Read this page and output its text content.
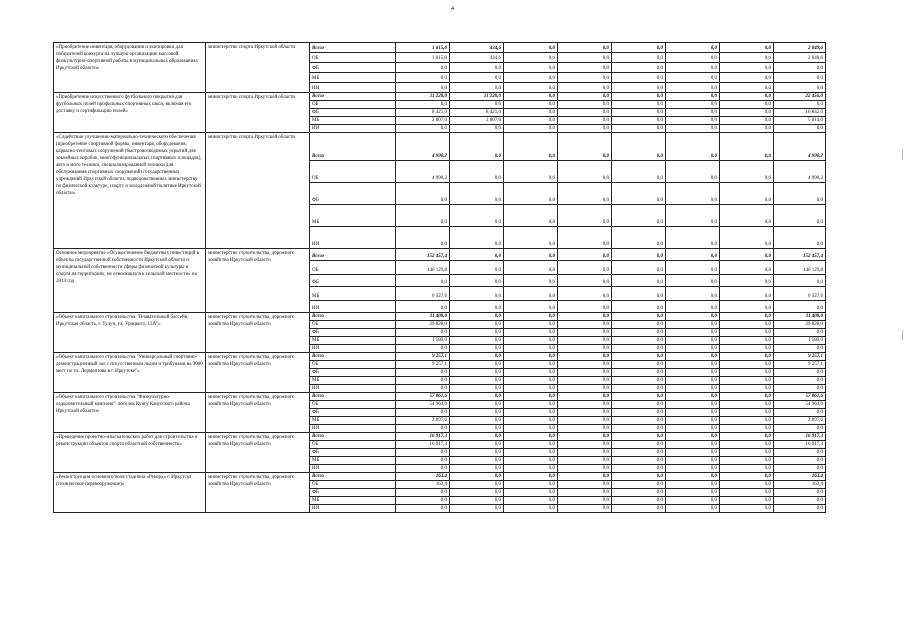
4
«Приобретение инвентаря, оборудования и экипировки для победителей конкурса на лучшую организацию массовой физкультурно-спортивной работы в муниципальных образованиях Иркутской области»	министерство спорта Иркутской области	Всего	1 615,0	434,6	0,0	0,0	0,0	0,0	0,0	2 049,6
		ОБ	1 615,0	434,6	0,0	0,0	0,0	0,0	0,0	2 049,6
		ФБ	0,0	0,0	0,0	0,0	0,0	0,0	0,0	0,0
		МБ	0,0	0,0	0,0	0,0	0,0	0,0	0,0	0,0
		ИИ	0,0	0,0	0,0	0,0	0,0	0,0	0,0	0,0
«Приобретение искусственного футбольного покрытия для футбольных полей профильных спортивных школ, включая его доставку и сертификацию полей»	министерство спорта Иркутской области	Всего	11 228,0	11 228,0	0,0	0,0	0,0	0,0	0,0	22 456,0
		ОБ	0,0	0,0	0,0	0,0	0,0	0,0	0,0	0,0
		ФБ	8 421,0	8 421,0	0,0	0,0	0,0	0,0	0,0	16 842,0
		МБ	2 807,0	2 807,0	0,0	0,0	0,0	0,0	0,0	5 614,0
		ИИ	0,0	0,0	0,0	0,0	0,0	0,0	0,0	0,0
«Содействие улучшению материально-технического обеспечения (приобретение спортивной формы, инвентаря, оборудования, карвасно-тентовых сооружений (быстровозводимых укрытий для хоккейных коробок, многофункциональных спортивных площадок), авто и мото техники, специализированной техники для обслуживания спортивных сооружений) государственных учреждений Иркутской области, подведомственных министерству по физической культуре, спорту и молодежной политике Иркутской области»	министерство спорта Иркутской области	Всего	4 990,2	0,0	0,0	0,0	0,0	0,0	0,0	4 990,2
		ОБ	4 990,2	0,0	0,0	0,0	0,0	0,0	0,0	4 990,2
		ФБ	0,0	0,0	0,0	0,0	0,0	0,0	0,0	0,0
		МБ	0,0	0,0	0,0	0,0	0,0	0,0	0,0	0,0
		ИИ	0,0	0,0	0,0	0,0	0,0	0,0	0,0	0,0
Основное мероприятие «Осуществление бюджетных инвестиций в объекты государственной собственности Иркутской области и муниципальной собственности сферы физической культуры и спорта на территориях, не относящихся к сельской местности» на 2014 год	министерство строительства, дорожного хозяйства Иркутской области	Всего	152 457,4	0,0	0,0	0,0	0,0	0,0	0,0	152 457,4
		ОБ	146 129,8	0,0	0,0	0,0	0,0	0,0	0,0	146 129,8
		ФБ	0,0	0,0	0,0	0,0	0,0	0,0	0,0	0,0
		МБ	6 327,6	0,0	0,0	0,0	0,0	0,0	0,0	6 327,6
		ИИ	0,0	0,0	0,0	0,0	0,0	0,0	0,0	0,0
«Объект капитального строительства "Плавательный бассейн, Иркутская область, г. Тулун, ул. Урицкого, 13А"»	министерство строительства, дорожного хозяйства Иркутской области	Всего	31 408,0	0,0	0,0	0,0	0,0	0,0	0,0	31 408,0
		ОБ	29 828,0	0,0	0,0	0,0	0,0	0,0	0,0	29 828,0
		ФБ	0,0	0,0	0,0	0,0	0,0	0,0	0,0	0,0
		МБ	1 580,0	0,0	0,0	0,0	0,0	0,0	0,0	1 580,0
		ИИ	0,0	0,0	0,0	0,0	0,0	0,0	0,0	0,0
«Объект капитального строительства "Универсальный спортивно-демонстрационный зал с искусственным льдом и трибунами на 3000 мест по ул. Лермонтова в г. Иркутске"»	министерство строительства, дорожного хозяйства Иркутской области	Всего	9 257,1	0,0	0,0	0,0	0,0	0,0	0,0	9 257,1
		ОБ	9 257,1	0,0	0,0	0,0	0,0	0,0	0,0	9 257,1
		ФБ	0,0	0,0	0,0	0,0	0,0	0,0	0,0	0,0
		МБ	0,0	0,0	0,0	0,0	0,0	0,0	0,0	0,0
		ИИ	0,0	0,0	0,0	0,0	0,0	0,0	0,0	0,0
«Объект капитального строительства "Физкультурно-оздоровительный комплекс" поселок Кунгу Качугского района Иркутской области»	министерство строительства, дорожного хозяйства Иркутской области	Всего	57 861,6	0,0	0,0	0,0	0,0	0,0	0,0	57 861,6
		ОБ	54 964,0	0,0	0,0	0,0	0,0	0,0	0,0	54 964,0
		ФБ	0,0	0,0	0,0	0,0	0,0	0,0	0,0	0,0
		МБ	2 897,6	0,0	0,0	0,0	0,0	0,0	0,0	2 897,6
		ИИ	0,0	0,0	0,0	0,0	0,0	0,0	0,0	0,0
«Проведение проектно-изыскательских работ для строительства и реконструкции объектов спорта областной собственности»	министерство строительства, дорожного хозяйства Иркутской области	Всего	16 917,3	0,0	0,0	0,0	0,0	0,0	0,0	16 917,3
		ОБ	16 917,3	0,0	0,0	0,0	0,0	0,0	0,0	16 917,3
		ФБ	0,0	0,0	0,0	0,0	0,0	0,0	0,0	0,0
		МБ	0,0	0,0	0,0	0,0	0,0	0,0	0,0	0,0
		ИИ	0,0	0,0	0,0	0,0	0,0	0,0	0,0	0,0
«Реконструкция основного поля стадиона «Рекорд» г. Иркутска (техническое перевооружение)»	министерство строительства, дорожного хозяйства Иркутской области	Всего	163,4	0,0	0,0	0,0	0,0	0,0	0,0	163,4
		ОБ	163,4	0,0	0,0	0,0	0,0	0,0	0,0	163,4
		ФБ	0,0	0,0	0,0	0,0	0,0	0,0	0,0	0,0
		МБ	0,0	0,0	0,0	0,0	0,0	0,0	0,0	0,0
		ИИ	0,0	0,0	0,0	0,0	0,0	0,0	0,0	0,0
